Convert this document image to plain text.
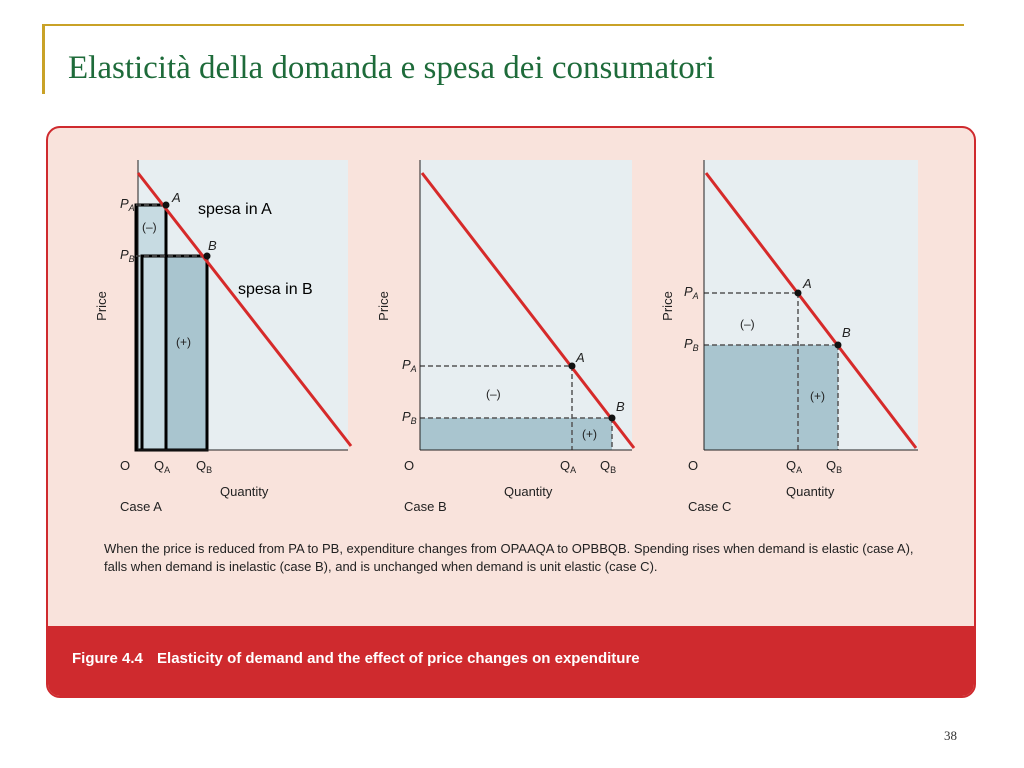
Elasticità della domanda e spesa dei consumatori
A
B
$P_A$
$P_B$
(–)
(+)
Price
O $Q_A$ $Q_B$
Quantity
Case A
spesa in A
spesa in B
A
B
$P_A$
$P_B$
(–)
(+)
Price
O	$Q_A$ $Q_B$
Quantity
Case B
A
B
$P_A$
$P_B$
(–)
(+)
Price
O	$Q_A$ $Q_B$
Quantity
Case C

When the price is reduced from PA to PB, expenditure changes from OPAAQA to OPBBQB. Spending rises when demand is elastic (case A), falls when demand is inelastic (case B), and is unchanged when demand is unit elastic (case C).

Figure 4.4 Elasticity of demand and the effect of price changes on expenditure
38
